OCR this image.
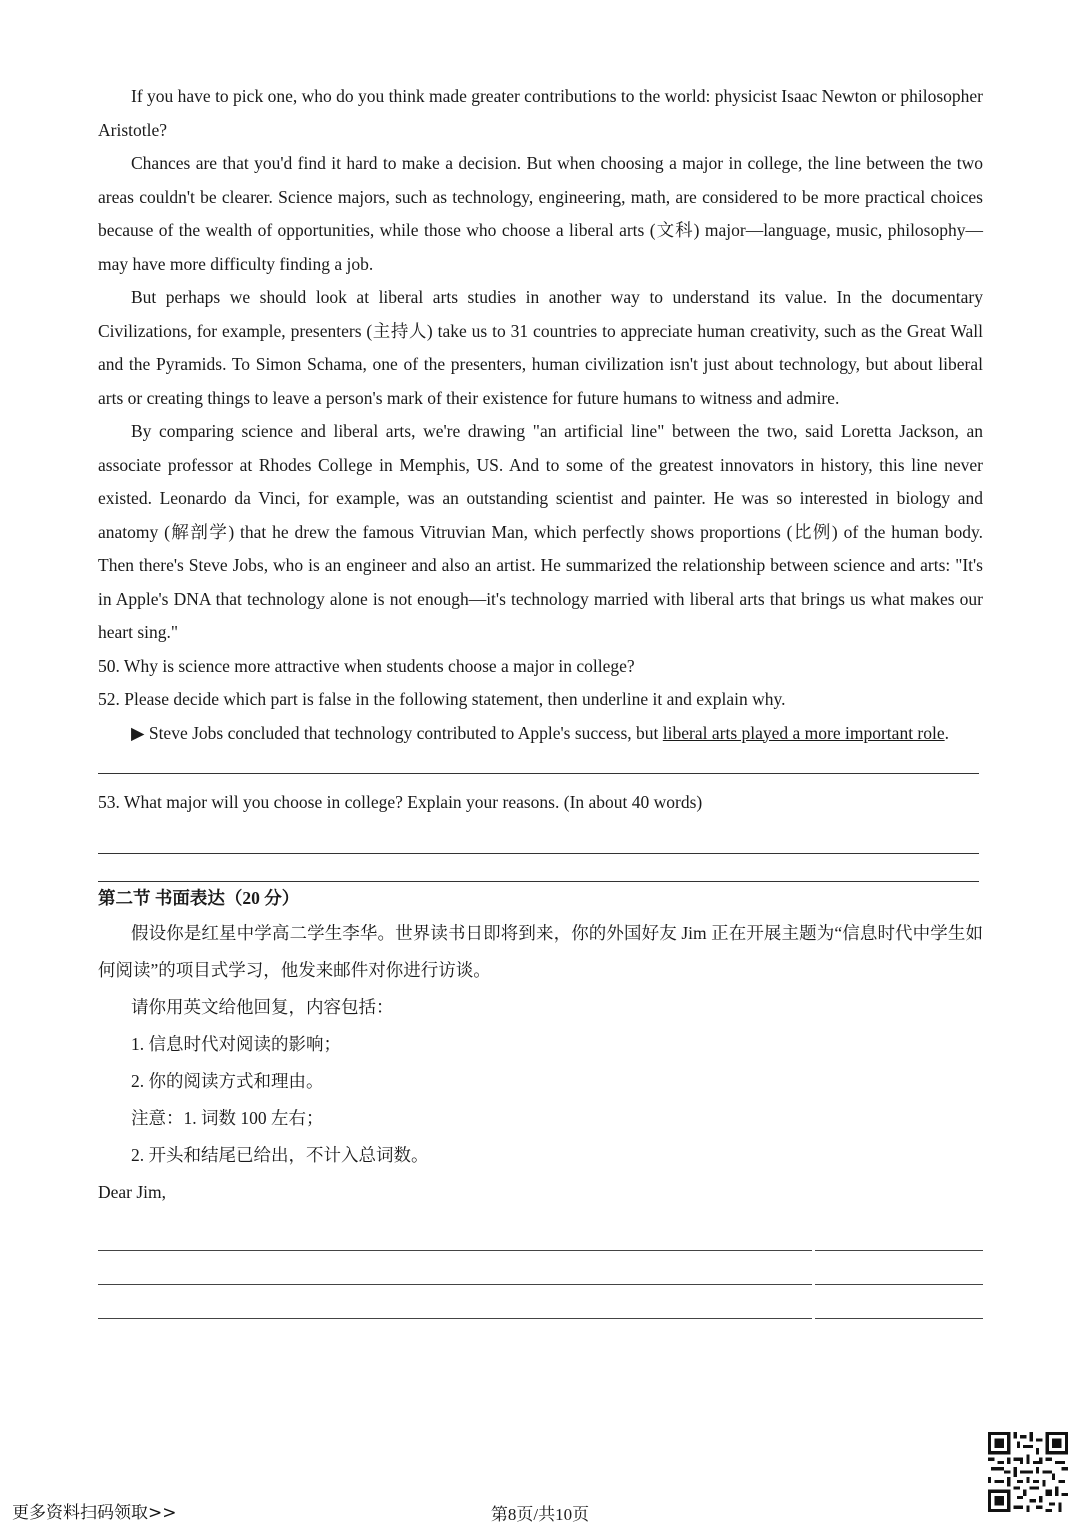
If you have to pick one, who do you think made greater contributions to the world: physicist Isaac Newton or philosopher Aristotle?

Chances are that you'd find it hard to make a decision. But when choosing a major in college, the line between the two areas couldn't be clearer. Science majors, such as technology, engineering, math, are considered to be more practical choices because of the wealth of opportunities, while those who choose a liberal arts (文科) major—language, music, philosophy—may have more difficulty finding a job.

But perhaps we should look at liberal arts studies in another way to understand its value. In the documentary Civilizations, for example, presenters (主持人) take us to 31 countries to appreciate human creativity, such as the Great Wall and the Pyramids. To Simon Schama, one of the presenters, human civilization isn't just about technology, but about liberal arts or creating things to leave a person's mark of their existence for future humans to witness and admire.

By comparing science and liberal arts, we're drawing "an artificial line" between the two, said Loretta Jackson, an associate professor at Rhodes College in Memphis, US. And to some of the greatest innovators in history, this line never existed. Leonardo da Vinci, for example, was an outstanding scientist and painter. He was so interested in biology and anatomy (解剖学) that he drew the famous Vitruvian Man, which perfectly shows proportions (比例) of the human body. Then there's Steve Jobs, who is an engineer and also an artist. He summarized the relationship between science and arts: "It's in Apple's DNA that technology alone is not enough—it's technology married with liberal arts that brings us what makes our heart sing."

50. Why is science more attractive when students choose a major in college?

52. Please decide which part is false in the following statement, then underline it and explain why.

▶ Steve Jobs concluded that technology contributed to Apple's success, but liberal arts played a more important role.

53. What major will you choose in college? Explain your reasons. (In about 40 words)

第二节 书面表达（20 分）

假设你是红星中学高二学生李华。世界读书日即将到来，你的外国好友 Jim 正在开展主题为“信息时代中学生如何阅读”的项目式学习，他发来邮件对你进行访谈。

请你用英文给他回复，内容包括：

1. 信息时代对阅读的影响；

2. 你的阅读方式和理由。

注意：1. 词数 100 左右；

2. 开头和结尾已给出，不计入总词数。

Dear Jim,

更多资料扫码领取>>	第8页/共10页
